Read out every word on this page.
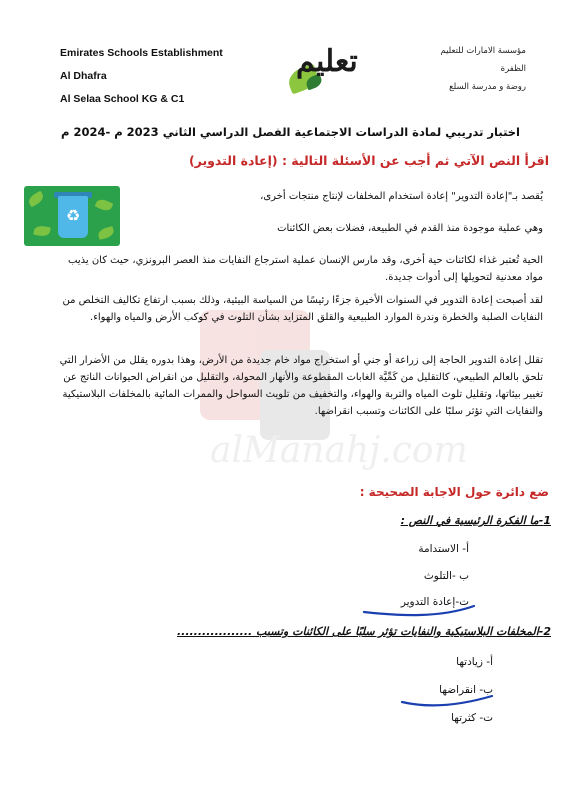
Emirates Schools Establishment
Al Dhafra
Al Selaa School KG & C1
تعليم	مؤسسة الامارات للتعليم
الظفرة
روضة و مدرسة السلع
اختبار تدريبي لمادة الدراسات الاجتماعية الفصل الدراسي الثاني 2023 م -2024 م
اقرأ النص الآتي ثم أجب عن الأسئلة التالية : (إعادة التدوير)
♻
alManahj.com
يُقصد بـ"إعادة التدوير" إعادة استخدام المخلفات لإنتاج منتجات أخرى،
وهي عملية موجودة منذ القدم في الطبيعة، فضلات بعض الكائنات
الحية تُعتبر غذاء لكائنات حية أخرى، وقد مارس الإنسان عملية استرجاع النفايات منذ العصر البرونزي، حيث كان يذيب مواد معدنية لتحويلها إلى أدوات جديدة.
لقد أصبحت إعادة التدوير في السنوات الأخيرة جزءًا رئيسًا من السياسة البيئية، وذلك بسبب ارتفاع تكاليف التخلص من النفايات الصلبة والخطرة وندرة الموارد الطبيعية والقلق المتزايد بشأن التلوث في كوكب الأرض والمياه والهواء.
تقلل إعادة التدوير الحاجة إلى زراعة أو جني أو استخراج مواد خام جديدة من الأرض، وهذا بدوره يقلل من الأضرار التي تلحق بالعالم الطبيعي، كالتقليل من كَمِّيَّة الغابات المقطوعة والأنهار المحولة، والتقليل من انقراض الحيوانات الناتج عن تغيير بيئاتها، وتقليل تلوث المياه والتربة والهواء، والتخفيف من تلويث السواحل والممرات المائية بالمخلفات البلاستيكية والنفايات التي تؤثر سلبًا على الكائنات وتسبب انقراضها.
ضع دائرة حول الاجابة الصحيحة :
1-ما الفكرة الرئيسية في النص :
أ- الاستدامة
ب -التلوث
ت-إعادة التدوير
2-المخلفات البلاستيكية والنفايات تؤثر سلبًا على الكائنات وتسبب ..................
أ- زيادتها
ب- انقراضها
ت- كثرتها
